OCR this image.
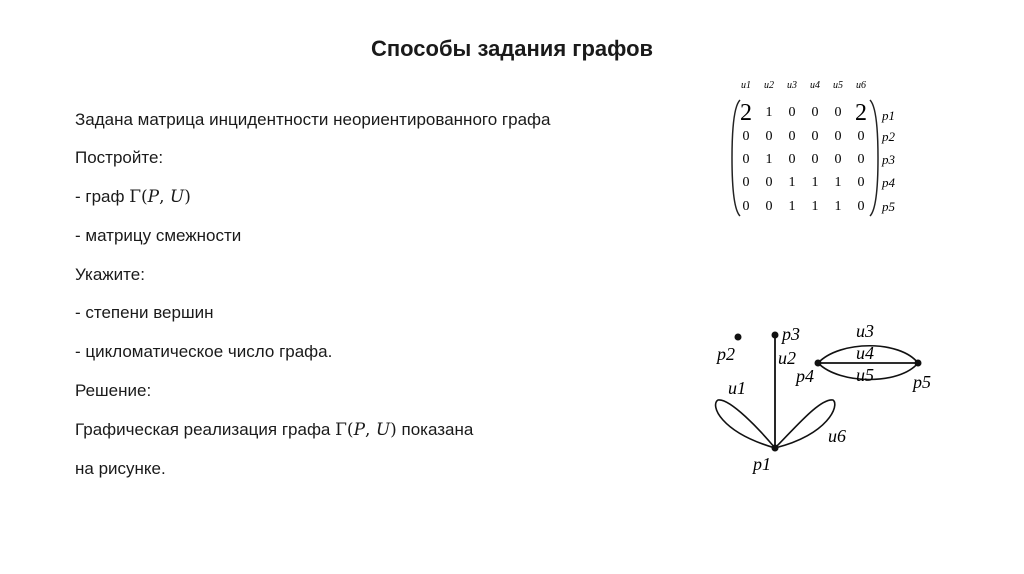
Способы задания графов
Задана матрица инцидентности неориентированного графа
Постройте:
- граф Γ(P, U)
- матрицу смежности
Укажите:
- степени вершин
- цикломатическое число графа.
Решение:
Графическая реализация графа Γ(P, U) показана
на рисунке.
u1 u2 u3 u4 u5 u6
2 1 0 0 0 2 p1
0 0 0 0 0 0 p2
0 1 0 0 0 0 p3
0 0 1 1 1 0 p4
0 0 1 1 1 0 p5
p1
p2
p3
p4	p5
u1
u2
u3
u4
u5
u6
